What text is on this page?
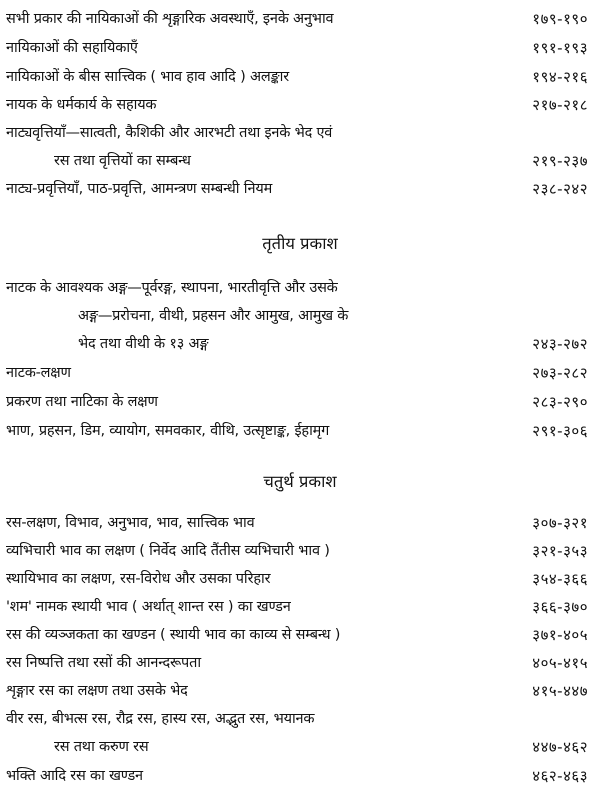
सभी प्रकार की नायिकाओं की शृङ्गारिक अवस्थाएँ, इनके अनुभाव	१७९-१९०
नायिकाओं की सहायिकाएँ	१९१-१९३
नायिकाओं के बीस सात्त्विक ( भाव हाव आदि ) अलङ्कार	१९४-२१६
नायक के धर्मकार्य के सहायक	२१७-२१८
नाट्यवृत्तियाँ—सात्वती, कैशिकी और आरभटी तथा इनके भेद एवं
रस तथा वृत्तियों का सम्बन्ध	२१९-२३७
नाट्य-प्रवृत्तियाँ, पाठ-प्रवृत्ति, आमन्त्रण सम्बन्धी नियम	२३८-२४२
तृतीय प्रकाश
नाटक के आवश्यक अङ्ग—पूर्वरङ्ग, स्थापना, भारतीवृत्ति और उसके
अङ्ग—प्ररोचना, वीथी, प्रहसन और आमुख, आमुख के
भेद तथा वीथी के १३ अङ्ग	२४३-२७२
नाटक-लक्षण	२७३-२८२
प्रकरण तथा नाटिका के लक्षण	२८३-२९०
भाण, प्रहसन, डिम, व्यायोग, समवकार, वीथि, उत्सृष्टाङ्क, ईहामृग	२९१-३०६
चतुर्थ प्रकाश
रस-लक्षण, विभाव, अनुभाव, भाव, सात्त्विक भाव	३०७-३२१
व्यभिचारी भाव का लक्षण ( निर्वेद आदि तैंतीस व्यभिचारी भाव )	३२१-३५३
स्थायिभाव का लक्षण, रस-विरोध और उसका परिहार	३५४-३६६
'शम' नामक स्थायी भाव ( अर्थात् शान्त रस ) का खण्डन	३६६-३७०
रस की व्यञ्जकता का खण्डन ( स्थायी भाव का काव्य से सम्बन्ध )	३७१-४०५
रस निष्पत्ति तथा रसों की आनन्दरूपता	४०५-४१५
शृङ्गार रस का लक्षण तथा उसके भेद	४१५-४४७
वीर रस, बीभत्स रस, रौद्र रस, हास्य रस, अद्भुत रस, भयानक
रस तथा करुण रस	४४७-४६२
भक्ति आदि रस का खण्डन	४६२-४६३
